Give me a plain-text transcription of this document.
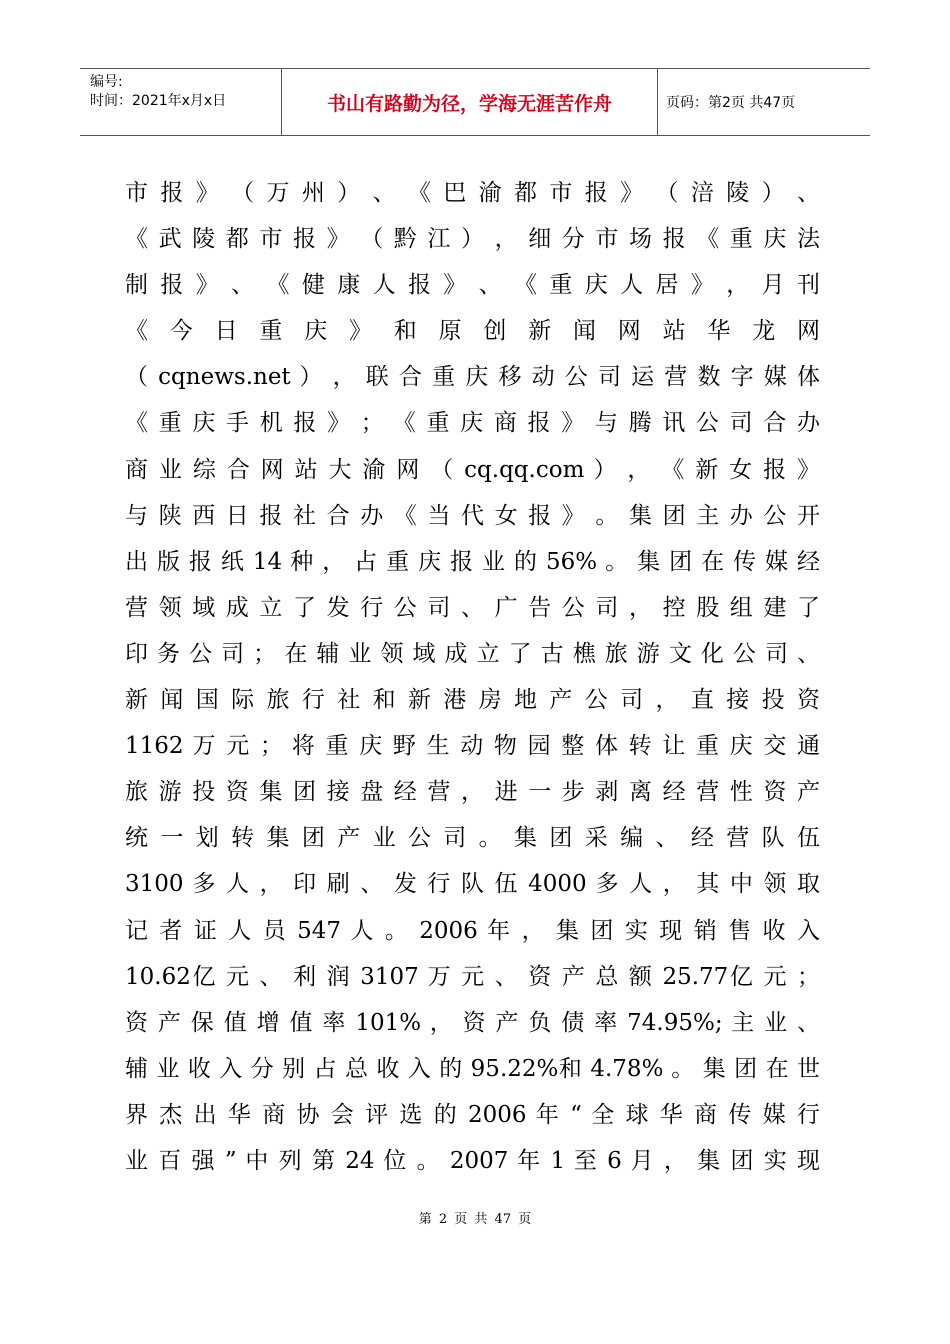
编号:
时间：2021年x月x日	书山有路勤为径，学海无涯苦作舟	页码：第2页 共47页
市 报 》 （ 万 州 ） 、 《 巴 渝 都 市 报 》 （ 涪 陵 ） 、
《 武 陵 都 市 报 》 （ 黔 江 ） ， 细 分 市 场 报 《 重 庆 法
制 报 》 、 《 健 康 人 报 》 、 《 重 庆 人 居 》 ， 月 刊
《 今 日 重 庆 》 和 原 创 新 闻 网 站 华 龙 网
（ cqnews.net ） ， 联 合 重 庆 移 动 公 司 运 营 数 字 媒 体
《 重 庆 手 机 报 》 ； 《 重 庆 商 报 》 与 腾 讯 公 司 合 办
商 业 综 合 网 站 大 渝 网 （ cq.qq.com ） ， 《 新 女 报 》
与 陕 西 日 报 社 合 办 《 当 代 女 报 》 。 集 团 主 办 公 开
出 版 报 纸 14 种 ， 占 重 庆 报 业 的 56% 。 集 团 在 传 媒 经
营 领 域 成 立 了 发 行 公 司 、 广 告 公 司 ， 控 股 组 建 了
印 务 公 司 ； 在 辅 业 领 域 成 立 了 古 樵 旅 游 文 化 公 司 、
新 闻 国 际 旅 行 社 和 新 港 房 地 产 公 司 ， 直 接 投 资
1162 万 元 ； 将 重 庆 野 生 动 物 园 整 体 转 让 重 庆 交 通
旅 游 投 资 集 团 接 盘 经 营 ， 进 一 步 剥 离 经 营 性 资 产
统 一 划 转 集 团 产 业 公 司 。 集 团 采 编 、 经 营 队 伍
3100 多 人 ， 印 刷 、 发 行 队 伍 4000 多 人 ， 其 中 领 取
记 者 证 人 员 547 人 。 2006 年 ， 集 团 实 现 销 售 收 入
10.62亿 元 、 利 润 3107 万 元 、 资 产 总 额 25.77亿 元 ；
资 产 保 值 增 值 率 101% ， 资 产 负 债 率 74.95%; 主 业 、
辅 业 收 入 分 别 占 总 收 入 的 95.22%和 4.78% 。 集 团 在 世
界 杰 出 华 商 协 会 评 选 的 2006 年 “ 全 球 华 商 传 媒 行
业 百 强 ” 中 列 第 24 位 。 2007 年 1 至 6 月 ， 集 团 实 现
第 2 页 共 47 页
